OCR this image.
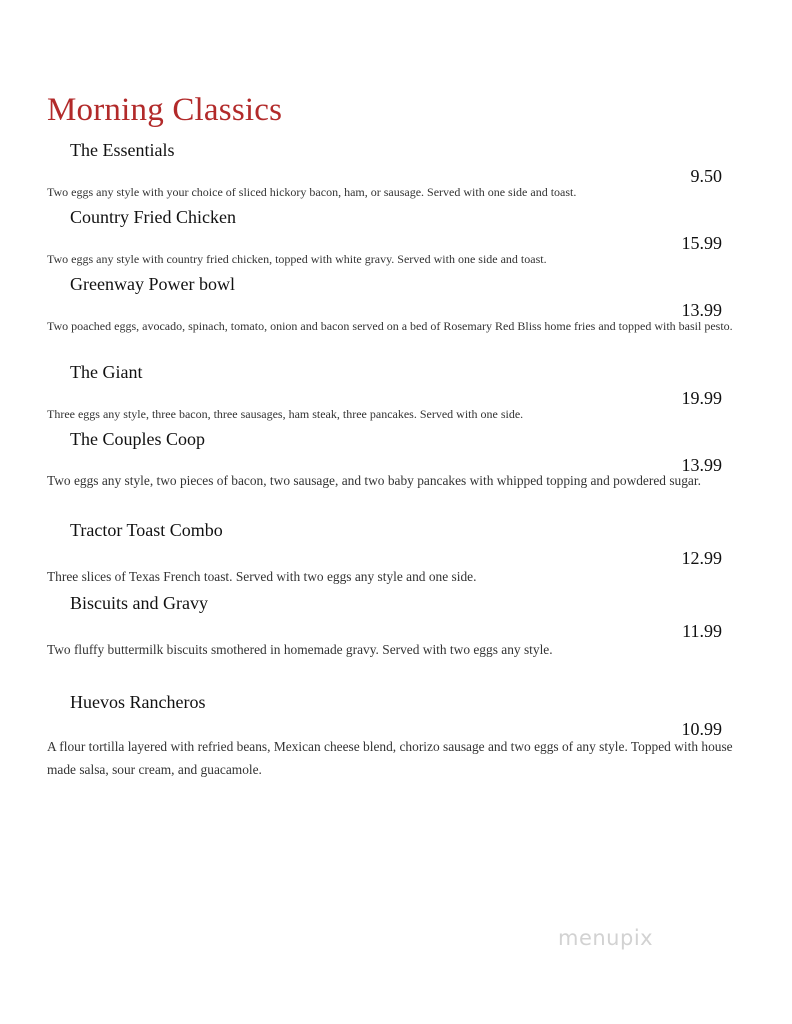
Morning Classics
The Essentials
9.50
Two eggs any style with your choice of sliced hickory bacon, ham, or sausage. Served with one side and toast.
Country Fried Chicken
15.99
Two eggs any style with country fried chicken, topped with white gravy. Served with one side and toast.
Greenway Power bowl
13.99
Two poached eggs, avocado, spinach, tomato, onion and bacon served on a bed of Rosemary Red Bliss home fries and topped with basil pesto.
The Giant
19.99
Three eggs any style, three bacon, three sausages, ham steak, three pancakes. Served with one side.
The Couples Coop
13.99
Two eggs any style, two pieces of bacon, two sausage, and two baby pancakes with whipped topping and powdered sugar.
Tractor Toast Combo
12.99
Three slices of Texas French toast. Served with two eggs any style and one side.
Biscuits and Gravy
11.99
Two fluffy buttermilk biscuits smothered in homemade gravy. Served with two eggs any style.
Huevos Rancheros
10.99
A flour tortilla layered with refried beans, Mexican cheese blend, chorizo sausage and two eggs of any style. Topped with house made salsa, sour cream, and guacamole.
menupix
